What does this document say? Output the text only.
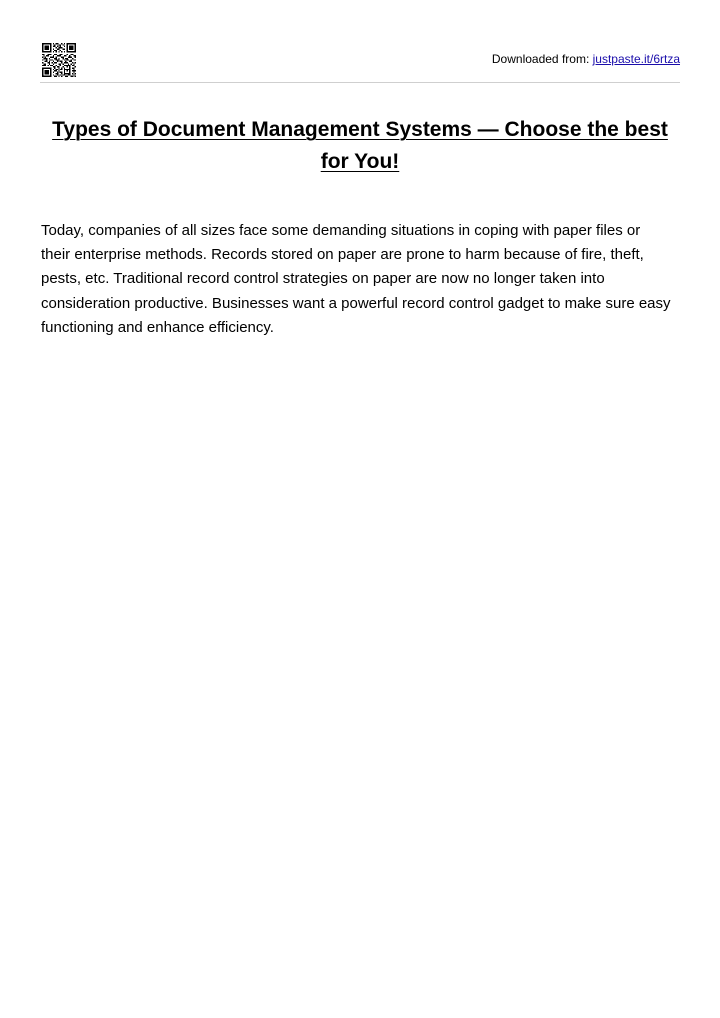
Downloaded from: justpaste.it/6rtza
Types of Document Management Systems — Choose the best for You!

Today, companies of all sizes face some demanding situations in coping with paper files or their enterprise methods. Records stored on paper are prone to harm because of fire, theft, pests, etc. Traditional record control strategies on paper are now no longer taken into consideration productive. Businesses want a powerful record control gadget to make sure easy functioning and enhance efficiency.
